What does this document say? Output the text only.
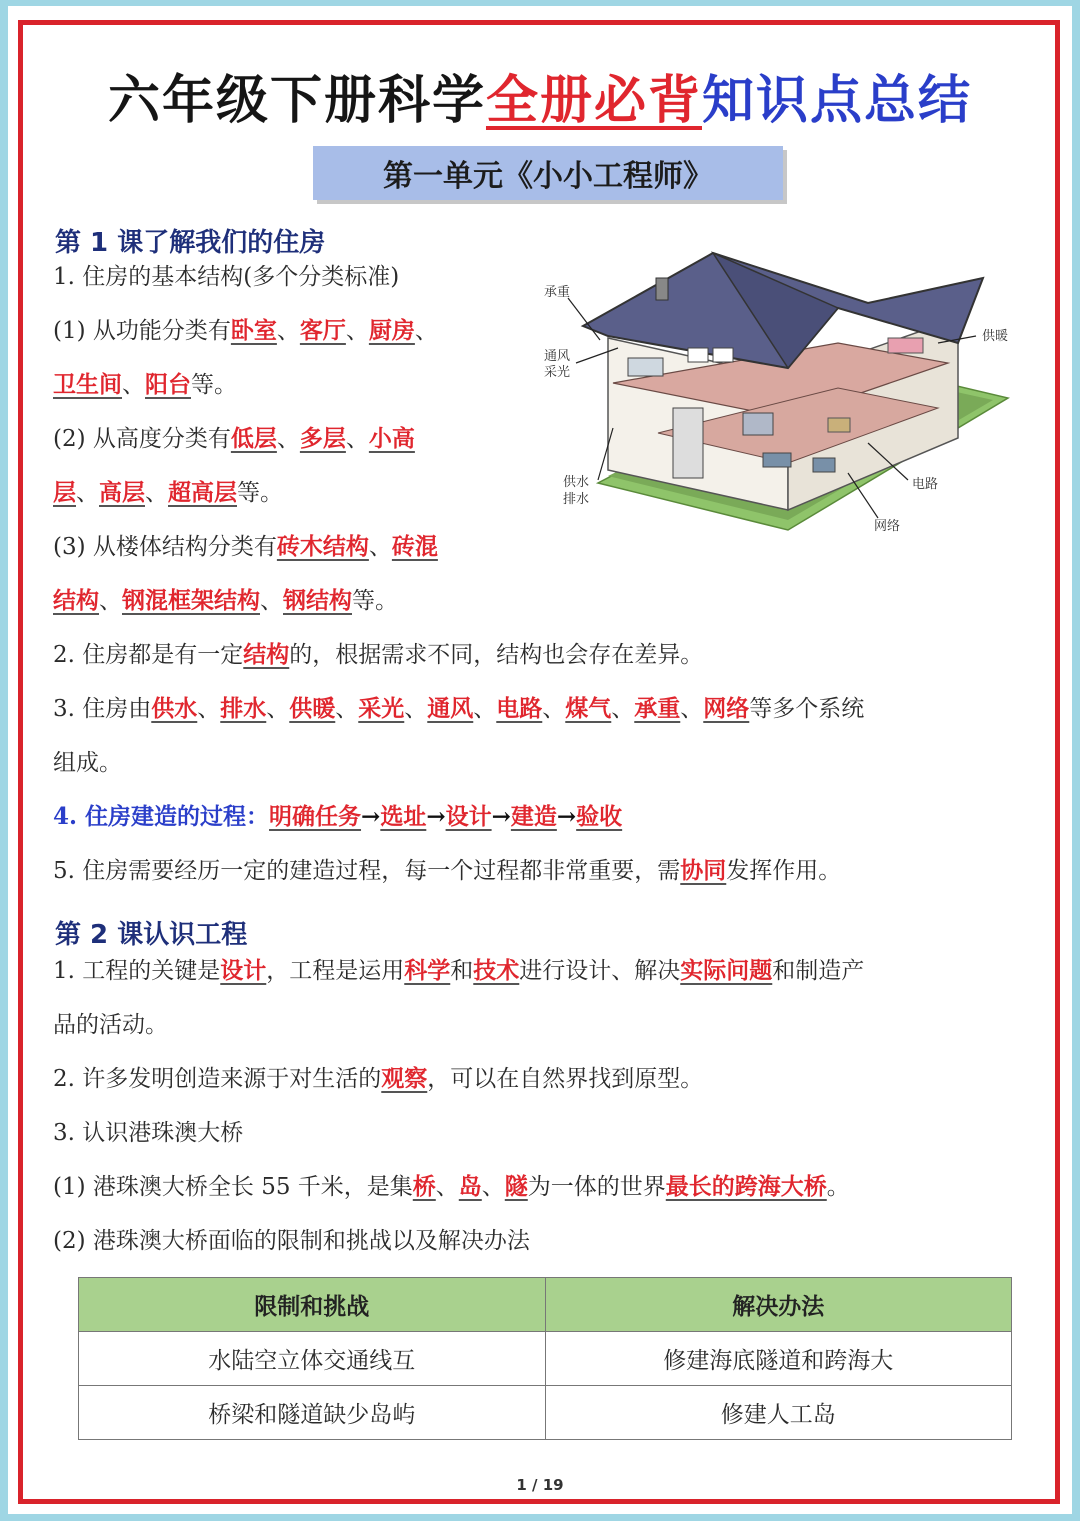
六年级下册科学全册必背知识点总结
第一单元《小小工程师》
第 1 课了解我们的住房
1. 住房的基本结构(多个分类标准)
(1) 从功能分类有卧室、客厅、厨房、
卫生间、阳台等。
(2) 从高度分类有低层、多层、小高
层、高层、超高层等。
(3) 从楼体结构分类有砖木结构、砖混
结构、钢混框架结构、钢结构等。
2. 住房都是有一定结构的，根据需求不同，结构也会存在差异。
3. 住房由供水、排水、供暖、采光、通风、电路、煤气、承重、网络等多个系统
组成。
4. 住房建造的过程：明确任务→选址→设计→建造→验收
5. 住房需要经历一定的建造过程，每一个过程都非常重要，需协同发挥作用。
承重
通风
采光
供暖
供水
排水
电路
网络
第 2 课认识工程
1. 工程的关键是设计，工程是运用科学和技术进行设计、解决实际问题和制造产
品的活动。
2. 许多发明创造来源于对生活的观察，可以在自然界找到原型。
3. 认识港珠澳大桥
(1) 港珠澳大桥全长 55 千米，是集桥、岛、隧为一体的世界最长的跨海大桥。
(2) 港珠澳大桥面临的限制和挑战以及解决办法
限制和挑战	解决办法
水陆空立体交通线互	修建海底隧道和跨海大
桥梁和隧道缺少岛屿	修建人工岛
1 / 19
